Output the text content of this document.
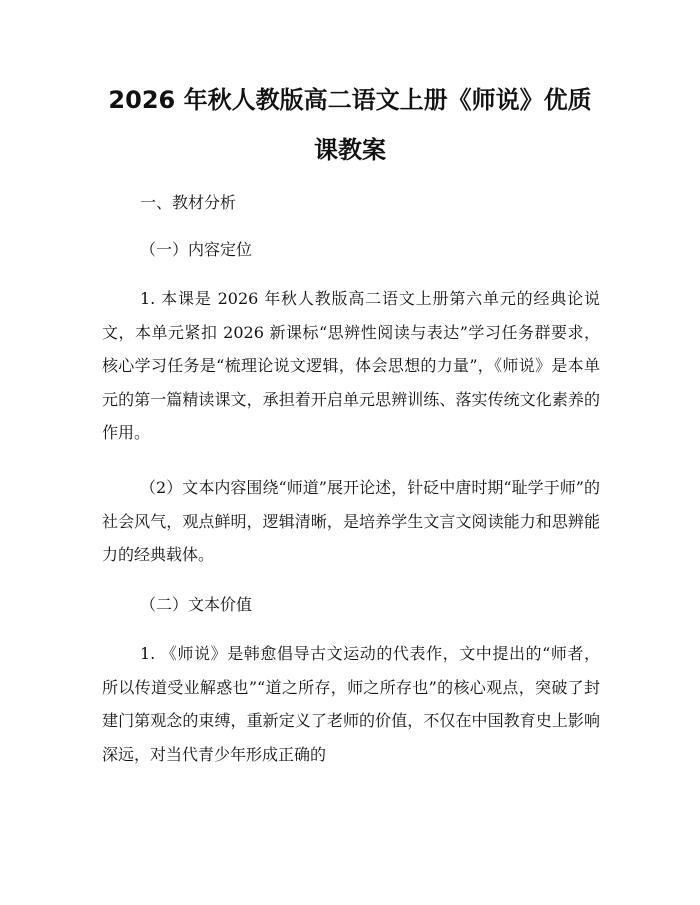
2026 年秋人教版高二语文上册《师说》优质
课教案

一、教材分析

（一）内容定位

1. 本课是 2026 年秋人教版高二语文上册第六单元的经典论说文，本单元紧扣 2026 新课标“思辨性阅读与表达”学习任务群要求，核心学习任务是“梳理论说文逻辑，体会思想的力量”，《师说》是本单元的第一篇精读课文，承担着开启单元思辨训练、落实传统文化素养的作用。

（2）文本内容围绕“师道”展开论述，针砭中唐时期“耻学于师”的社会风气，观点鲜明，逻辑清晰，是培养学生文言文阅读能力和思辨能力的经典载体。

（二）文本价值

1. 《师说》是韩愈倡导古文运动的代表作，文中提出的“师者，所以传道受业解惑也”“道之所存，师之所存也”的核心观点，突破了封建门第观念的束缚，重新定义了老师的价值，不仅在中国教育史上影响深远，对当代青少年形成正确的
